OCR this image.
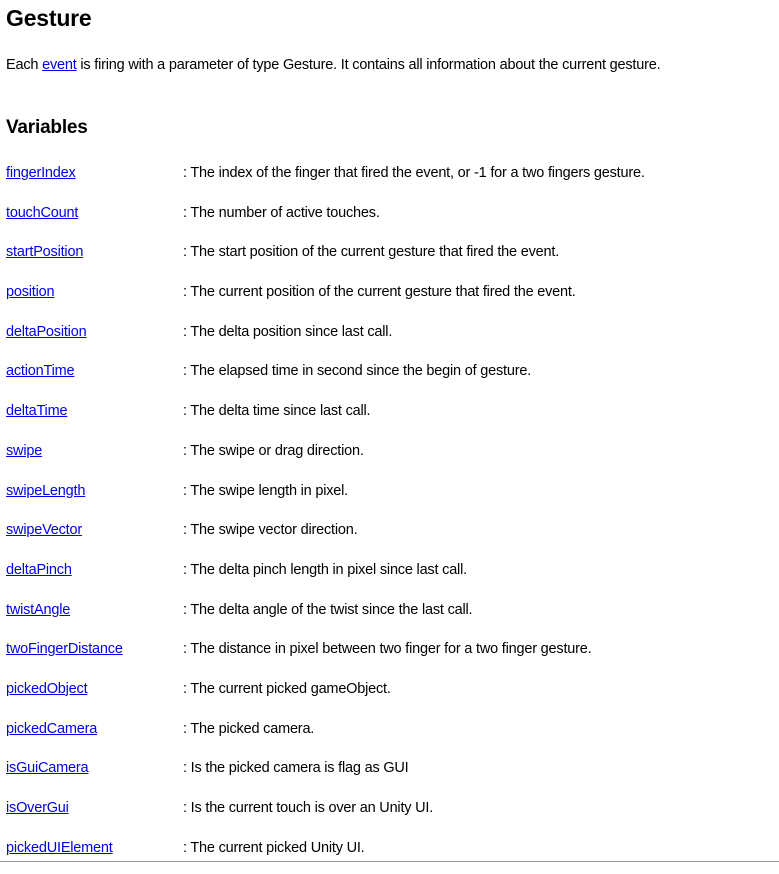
Gesture

Each event is firing with a parameter of type Gesture. It contains all information about the current gesture.

Variables
fingerIndex	: The index of the finger that fired the event, or -1 for a two fingers gesture.
touchCount	: The number of active touches.
startPosition	: The start position of the current gesture that fired the event.
position	: The current position of the current gesture that fired the event.
deltaPosition	: The delta position since last call.
actionTime	: The elapsed time in second since the begin of gesture.
deltaTime	: The delta time since last call.
swipe	: The swipe or drag direction.
swipeLength	: The swipe length in pixel.
swipeVector	: The swipe vector direction.
deltaPinch	: The delta pinch length in pixel since last call.
twistAngle	: The delta angle of the twist since the last call.
twoFingerDistance	: The distance in pixel between two finger for a two finger gesture.
pickedObject	: The current picked gameObject.
pickedCamera	: The picked camera.
isGuiCamera	: Is the picked camera is flag as GUI
isOverGui	: Is the current touch is over an Unity UI.
pickedUIElement	: The current picked Unity UI.
